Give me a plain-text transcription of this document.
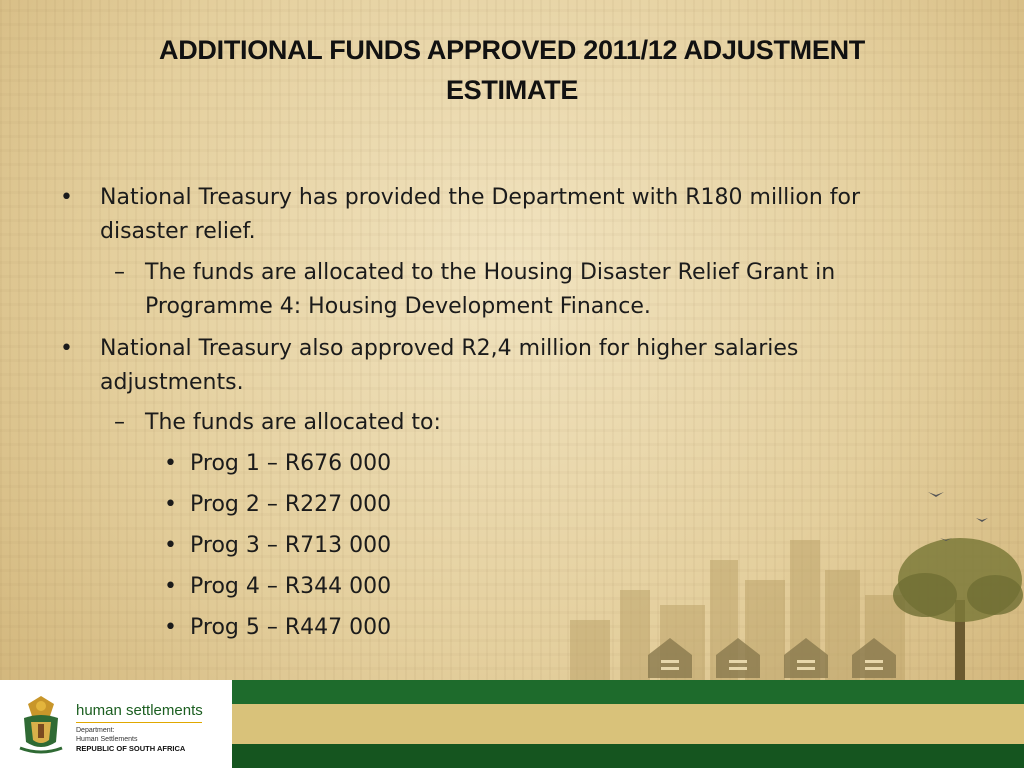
ADDITIONAL FUNDS APPROVED 2011/12 ADJUSTMENT
ESTIMATE
• National Treasury has provided the Department with R180 million for
disaster relief.
– The funds are allocated to the Housing Disaster Relief Grant in
Programme 4: Housing Development Finance.
• National Treasury also approved R2,4 million for higher salaries
adjustments.
– The funds are allocated to:
• Prog 1 – R676 000
• Prog 2 – R227 000
• Prog 3 – R713 000
• Prog 4 – R344 000
• Prog 5 – R447 000
human settlements
Department:
Human Settlements
REPUBLIC OF SOUTH AFRICA
